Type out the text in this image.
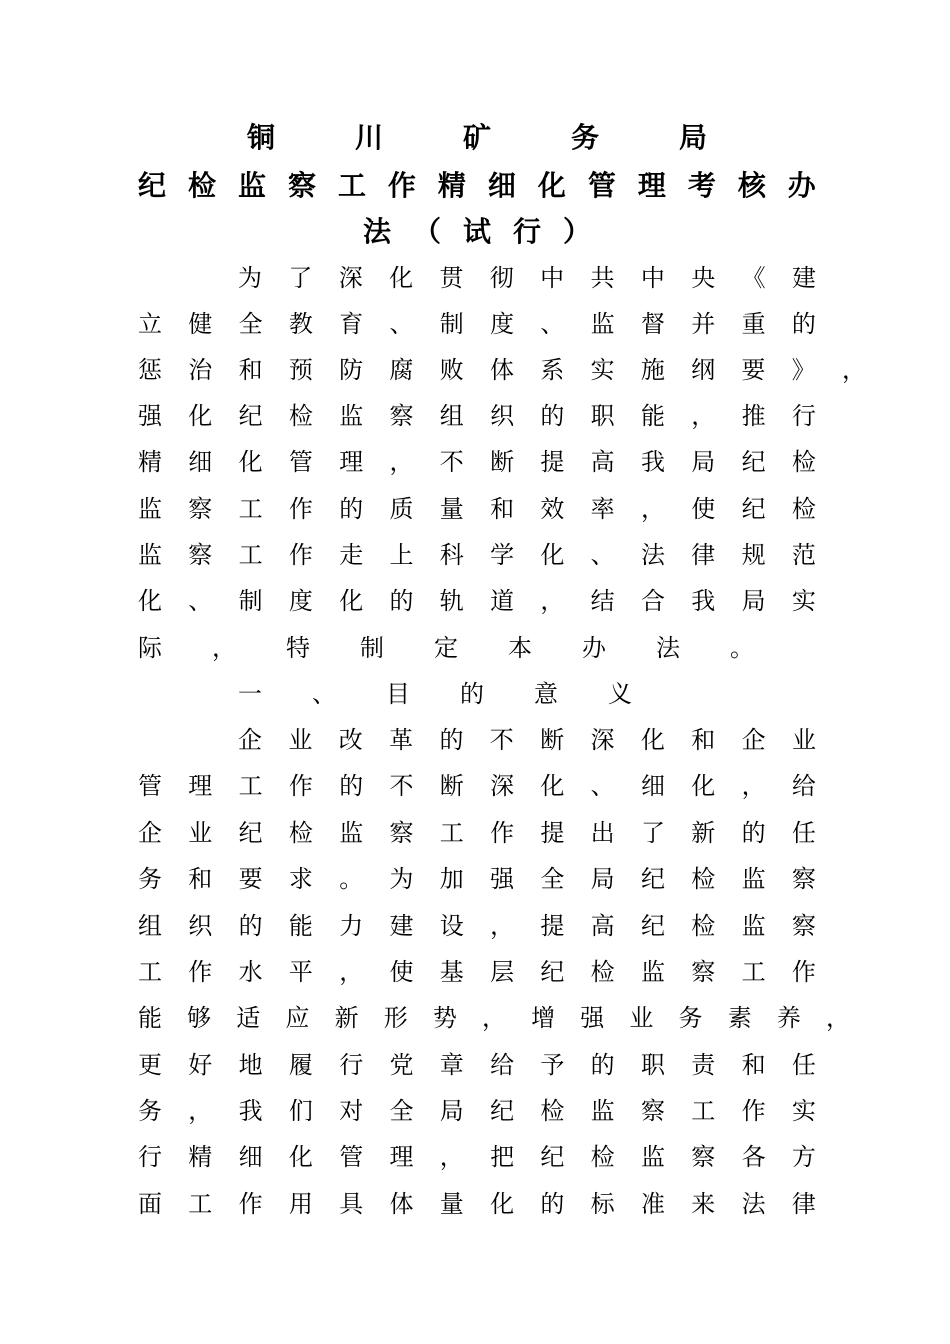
铜	川	矿	务	局
纪 检 监 察 工 作 精 细 化 管 理 考 核 办
法 （ 试 行 ）
为 了 深 化 贯 彻 中 共 中 央 《 建
立 健 全 教 育 、 制 度 、 监 督 并 重 的
惩 治 和 预 防 腐 败 体 系 实 施 纲 要 》 ，
强 化 纪 检 监 察 组 织 的 职 能 ， 推 行
精 细 化 管 理 ， 不 断 提 高 我 局 纪 检
监 察 工 作 的 质 量 和 效 率 ， 使 纪 检
监 察 工 作 走 上 科 学 化 、 法 律 规 范
化 、 制 度 化 的 轨 道 ， 结 合 我 局 实
际 ， 特 制 定 本 办 法 。
一 、 目 的 意 义
企 业 改 革 的 不 断 深 化 和 企 业
管 理 工 作 的 不 断 深 化 、 细 化 ， 给
企 业 纪 检 监 察 工 作 提 出 了 新 的 任
务 和 要 求 。 为 加 强 全 局 纪 检 监 察
组 织 的 能 力 建 设 ， 提 高 纪 检 监 察
工 作 水 平 ， 使 基 层 纪 检 监 察 工 作
能 够 适 应 新 形 势 ， 增 强 业 务 素 养 ，
更 好 地 履 行 党 章 给 予 的 职 责 和 任
务 ， 我 们 对 全 局 纪 检 监 察 工 作 实
行 精 细 化 管 理 ， 把 纪 检 监 察 各 方
面 工 作 用 具 体 量 化 的 标 准 来 法 律
